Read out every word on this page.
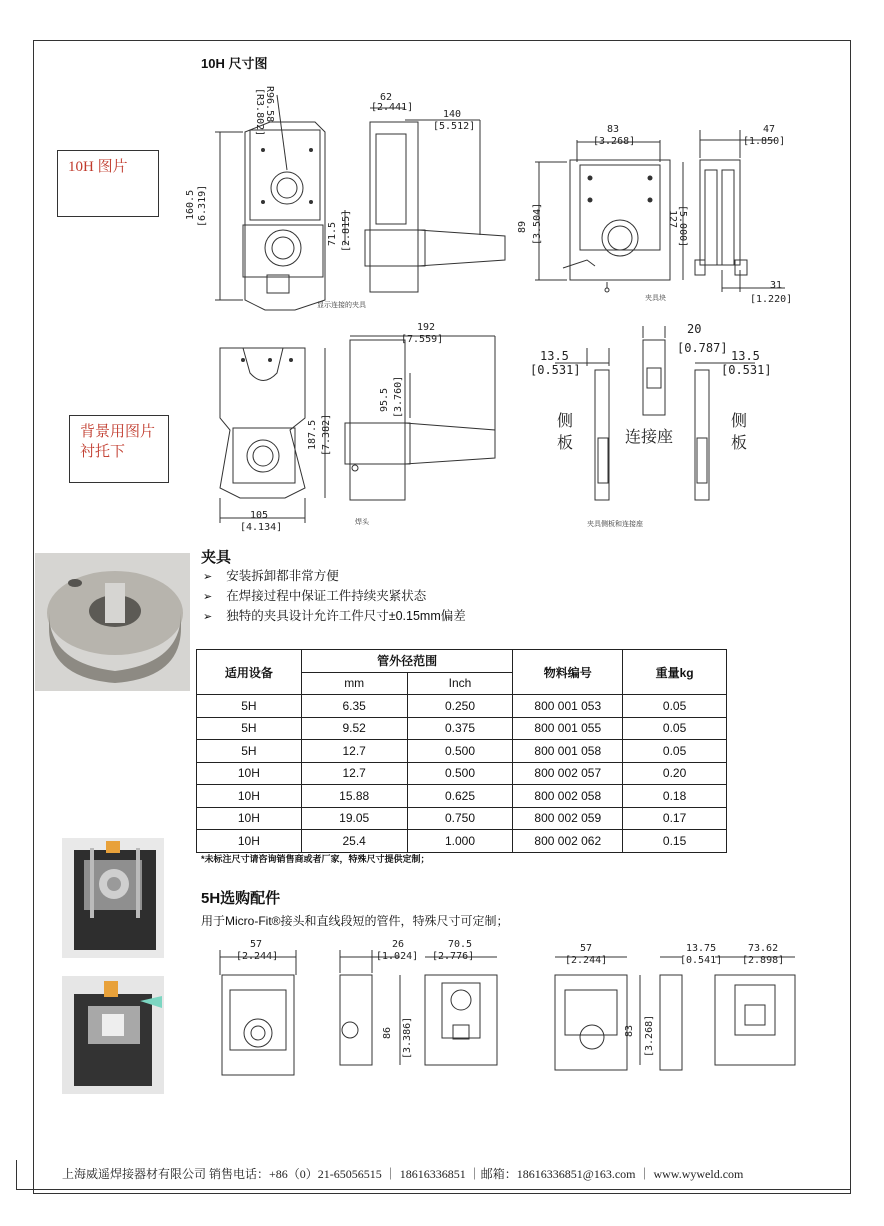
10H 尺寸图
10H 图片
背景用图片衬托下
R96.58
[R3.802]	62
[2.441]
140
[5.512]
160.5 [6.319]
71.5 [2.815]
显示连接的夹具
83
[3.268]
89 [3.504]	127 [5.000]
夹具块
47
[1.850]
31
[1.220]
192
[7.559]
95.5 [3.760]
187.5 [7.382]
105
[4.134]	焊头
20
[0.787]
13.5
[0.531]
13.5
[0.531]
侧
板	连接座
侧
板
夹具侧板和连接座
夹具
➢ 安装拆卸都非常方便
➢ 在焊接过程中保证工件持续夹紧状态
➢ 独特的夹具设计允许工件尺寸±0.15mm偏差
适用设备	管外径范围		物料编号	重量kg
	mm	Inch		
5H	6.35	0.250	800 001 053	0.05
5H	9.52	0.375	800 001 055	0.05
5H	12.7	0.500	800 001 058	0.05
10H	12.7	0.500	800 002 057	0.20
10H	15.88	0.625	800 002 058	0.18
10H	19.05	0.750	800 002 059	0.17
10H	25.4	1.000	800 002 062	0.15
*未标注尺寸请咨询销售商或者厂家，特殊尺寸提供定制；
5H选购配件
用于Micro-Fit®接头和直线段短的管件，特殊尺寸可定制；
57
[2.244]
26
[1.024]
70.5
[2.776]
86 [3.386]
57
[2.244]
13.75
[0.541]
73.62
[2.898]
83 [3.268]
上海威遥焊接器材有限公司 销售电话：+86（0）21-65056515 ｜ 18616336851 ｜邮箱：18616336851@163.com ｜ www.wyweld.com
